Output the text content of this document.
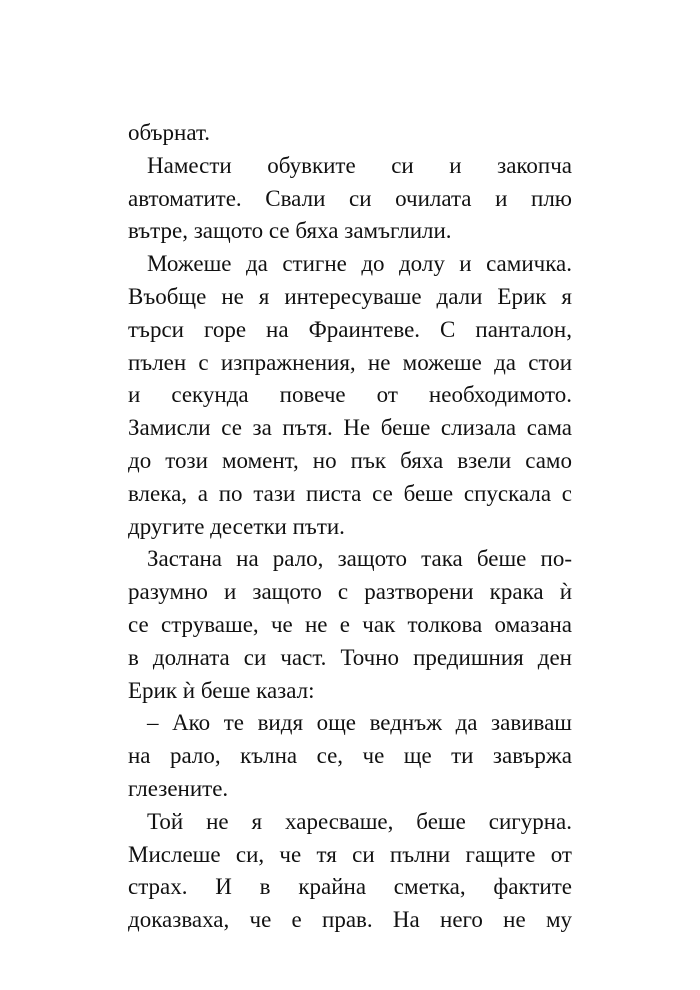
обърнат.
Намести обувките си и закопча
автоматите. Свали си очилата и плю
вътре, защото се бяха замъглили.
Можеше да стигне до долу и самичка.
Въобще не я интересуваше дали Ерик я
търси горе на Фраинтеве. С панталон,
пълен с изпражнения, не можеше да стои
и секунда повече от необходимото.
Замисли се за пътя. Не беше слизала сама
до този момент, но пък бяха взели само
влека, а по тази писта се беше спускала с
другите десетки пъти.
Застана на рало, защото така беше по-
разумно и защото с разтворени крака ѝ
се струваше, че не е чак толкова омазана
в долната си част. Точно предишния ден
Ерик ѝ беше казал:
– Ако те видя още веднъж да завиваш
на рало, кълна се, че ще ти завържа
глезените.
Той не я харесваше, беше сигурна.
Мислеше си, че тя си пълни гащите от
страх. И в крайна сметка, фактите
доказваха, че е прав. На него не му
